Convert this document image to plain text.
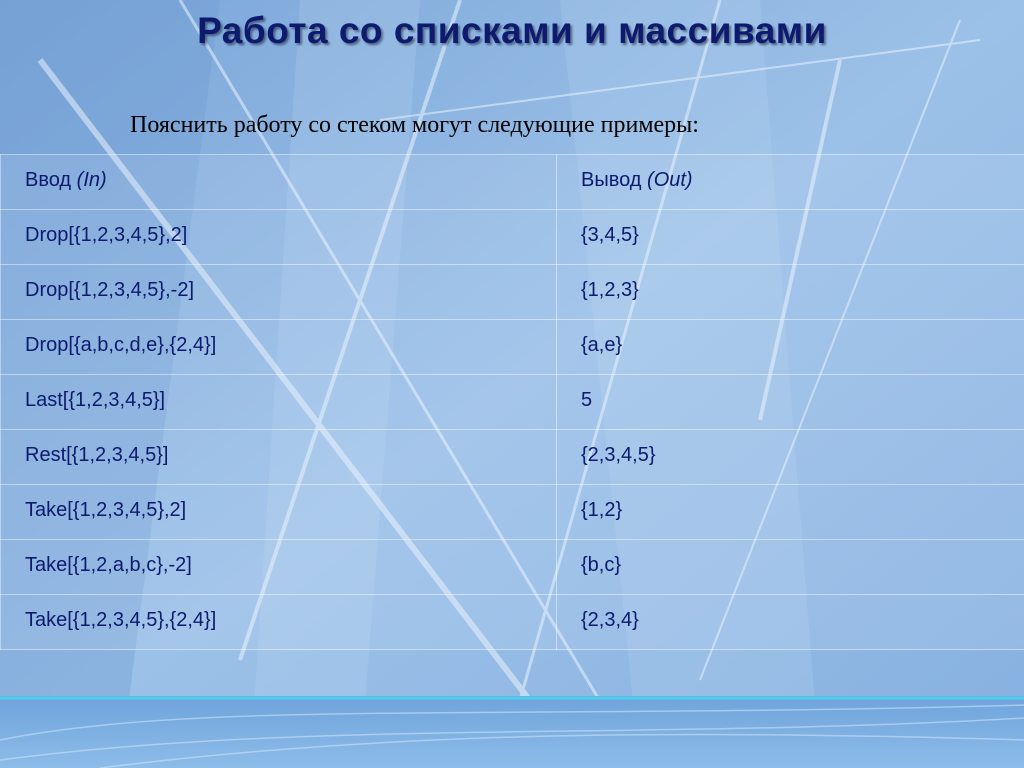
Работа со списками и массивами
Пояснить работу со стеком могут следующие примеры:
Ввод (In)	Вывод (Out)
Drop[{1,2,3,4,5},2]	{3,4,5}
Drop[{1,2,3,4,5},-2]	{1,2,3}
Drop[{a,b,c,d,e},{2,4}]	{a,e}
Last[{1,2,3,4,5}]	5
Rest[{1,2,3,4,5}]	{2,3,4,5}
Take[{1,2,3,4,5},2]	{1,2}
Take[{1,2,a,b,c},-2]	{b,c}
Take[{1,2,3,4,5},{2,4}]	{2,3,4}
